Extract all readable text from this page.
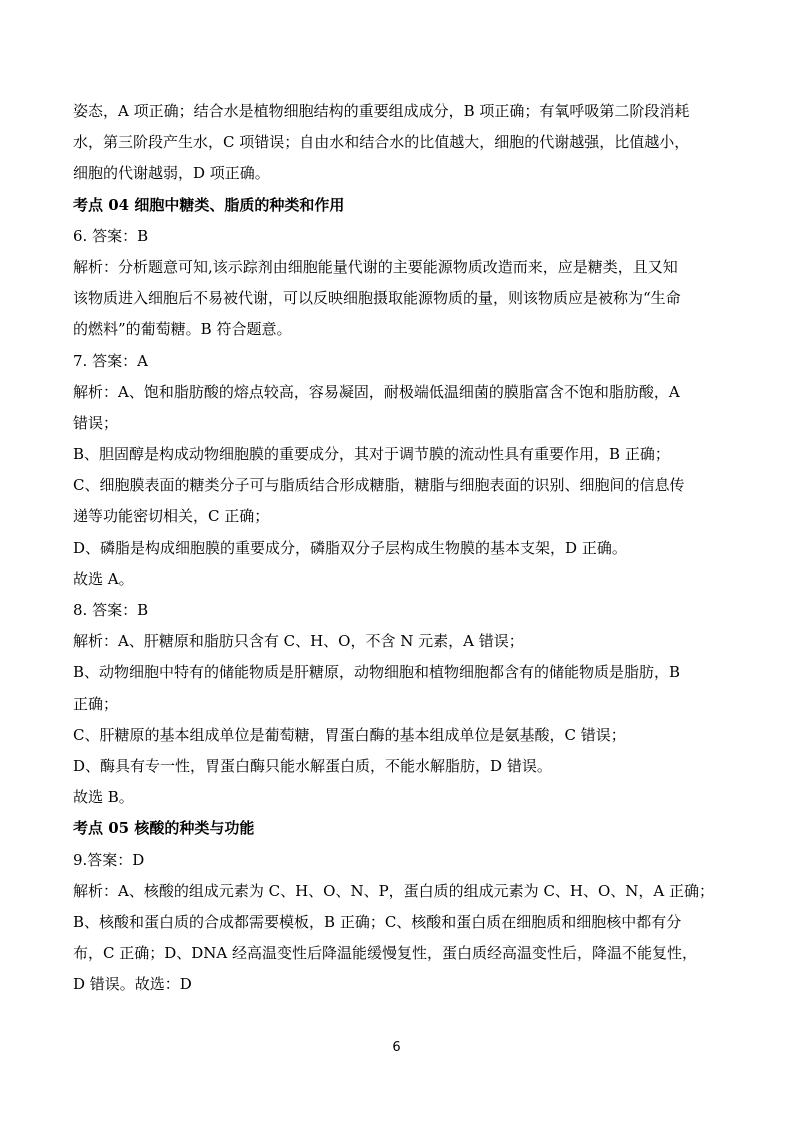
姿态，A 项正确；结合水是植物细胞结构的重要组成成分，B 项正确；有氧呼吸第二阶段消耗
水，第三阶段产生水，C 项错误；自由水和结合水的比值越大，细胞的代谢越强，比值越小，
细胞的代谢越弱，D 项正确。
考点 04 细胞中糖类、脂质的种类和作用
6. 答案：B
解析：分析题意可知,该示踪剂由细胞能量代谢的主要能源物质改造而来，应是糖类，且又知
该物质进入细胞后不易被代谢，可以反映细胞摄取能源物质的量，则该物质应是被称为“生命
的燃料”的葡萄糖。B 符合题意。
7. 答案：A
解析：A、饱和脂肪酸的熔点较高，容易凝固，耐极端低温细菌的膜脂富含不饱和脂肪酸，A
错误；
B、胆固醇是构成动物细胞膜的重要成分，其对于调节膜的流动性具有重要作用，B 正确；
C、细胞膜表面的糖类分子可与脂质结合形成糖脂，糖脂与细胞表面的识别、细胞间的信息传
递等功能密切相关，C 正确；
D、磷脂是构成细胞膜的重要成分，磷脂双分子层构成生物膜的基本支架，D 正确。
故选 A。
8. 答案：B
解析：A、肝糖原和脂肪只含有 C、H、O，不含 N 元素，A 错误；
B、动物细胞中特有的储能物质是肝糖原，动物细胞和植物细胞都含有的储能物质是脂肪，B
正确；
C、肝糖原的基本组成单位是葡萄糖，胃蛋白酶的基本组成单位是氨基酸，C 错误；
D、酶具有专一性，胃蛋白酶只能水解蛋白质，不能水解脂肪，D 错误。
故选 B。
考点 05 核酸的种类与功能
9.答案：D
解析：A、核酸的组成元素为 C、H、O、N、P，蛋白质的组成元素为 C、H、O、N，A 正确；
B、核酸和蛋白质的合成都需要模板，B 正确；C、核酸和蛋白质在细胞质和细胞核中都有分
布，C 正确；D、DNA 经高温变性后降温能缓慢复性，蛋白质经高温变性后，降温不能复性，
D 错误。故选：D
6
